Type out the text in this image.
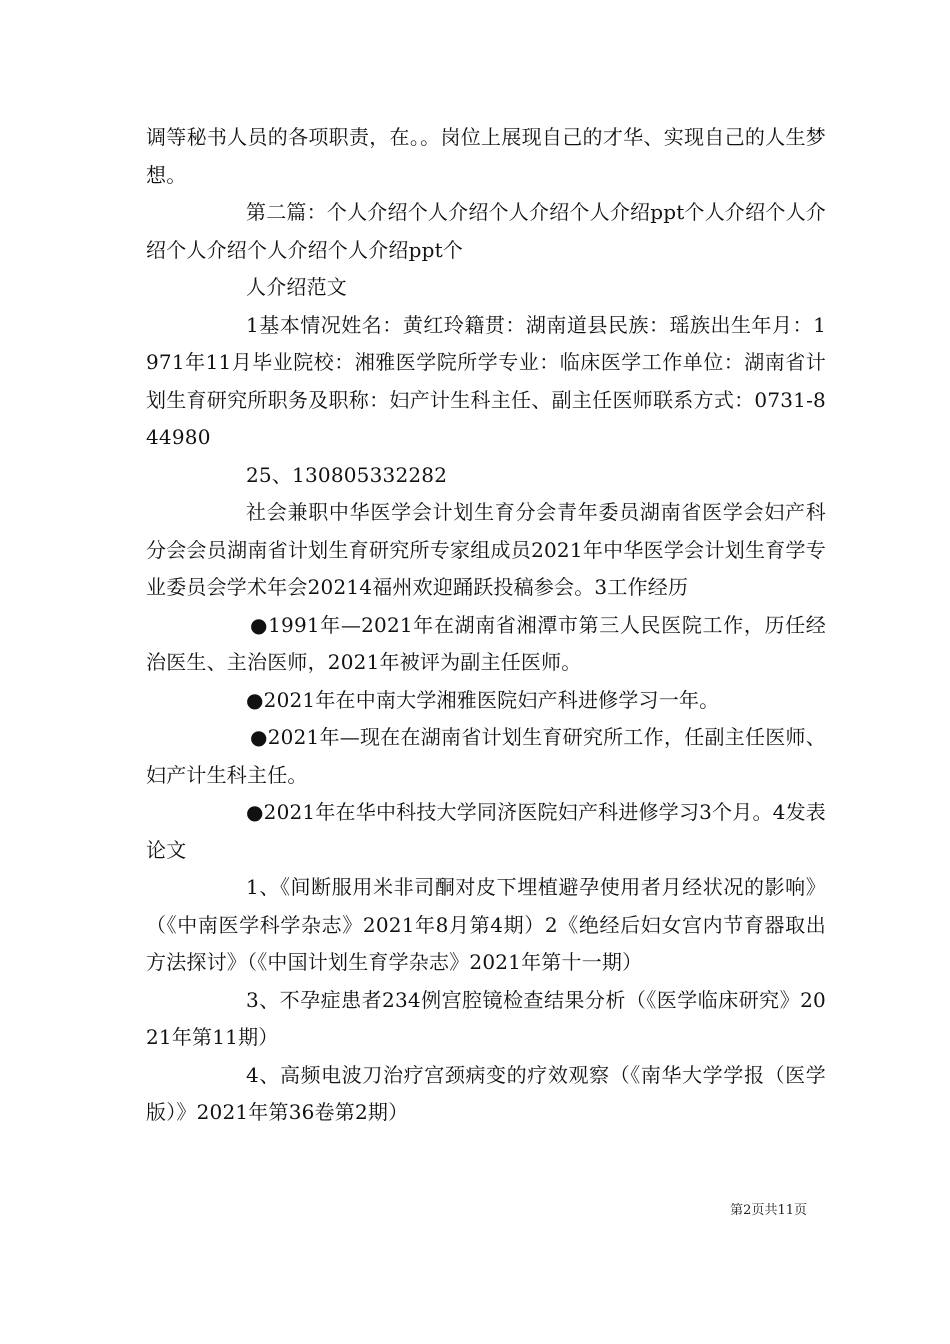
调等秘书人员的各项职责，在。。岗位上展现自己的才华、实现自己的人生梦想。

第二篇：个人介绍个人介绍个人介绍个人介绍ppt个人介绍个人介绍个人介绍个人介绍个人介绍ppt个

人介绍范文

1基本情况姓名：黄红玲籍贯：湖南道县民族：瑶族出生年月：1971年11月毕业院校：湘雅医学院所学专业：临床医学工作单位：湖南省计划生育研究所职务及职称：妇产计生科主任、副主任医师联系方式：0731-844980

25、130805332282

社会兼职中华医学会计划生育分会青年委员湖南省医学会妇产科分会会员湖南省计划生育研究所专家组成员2021年中华医学会计划生育学专业委员会学术年会20214福州欢迎踊跃投稿参会。3工作经历

●1991年—2021年在湖南省湘潭市第三人民医院工作，历任经治医生、主治医师，2021年被评为副主任医师。

●2021年在中南大学湘雅医院妇产科进修学习一年。

●2021年—现在在湖南省计划生育研究所工作，任副主任医师、妇产计生科主任。

●2021年在华中科技大学同济医院妇产科进修学习3个月。4发表论文

1、《间断服用米非司酮对皮下埋植避孕使用者月经状况的影响》（《中南医学科学杂志》2021年8月第4期）2《绝经后妇女宫内节育器取出方法探讨》（《中国计划生育学杂志》2021年第十一期）

3、不孕症患者234例宫腔镜检查结果分析（《医学临床研究》2021年第11期）

4、高频电波刀治疗宫颈病变的疗效观察（《南华大学学报（医学版）》2021年第36卷第2期）

第2页共11页
